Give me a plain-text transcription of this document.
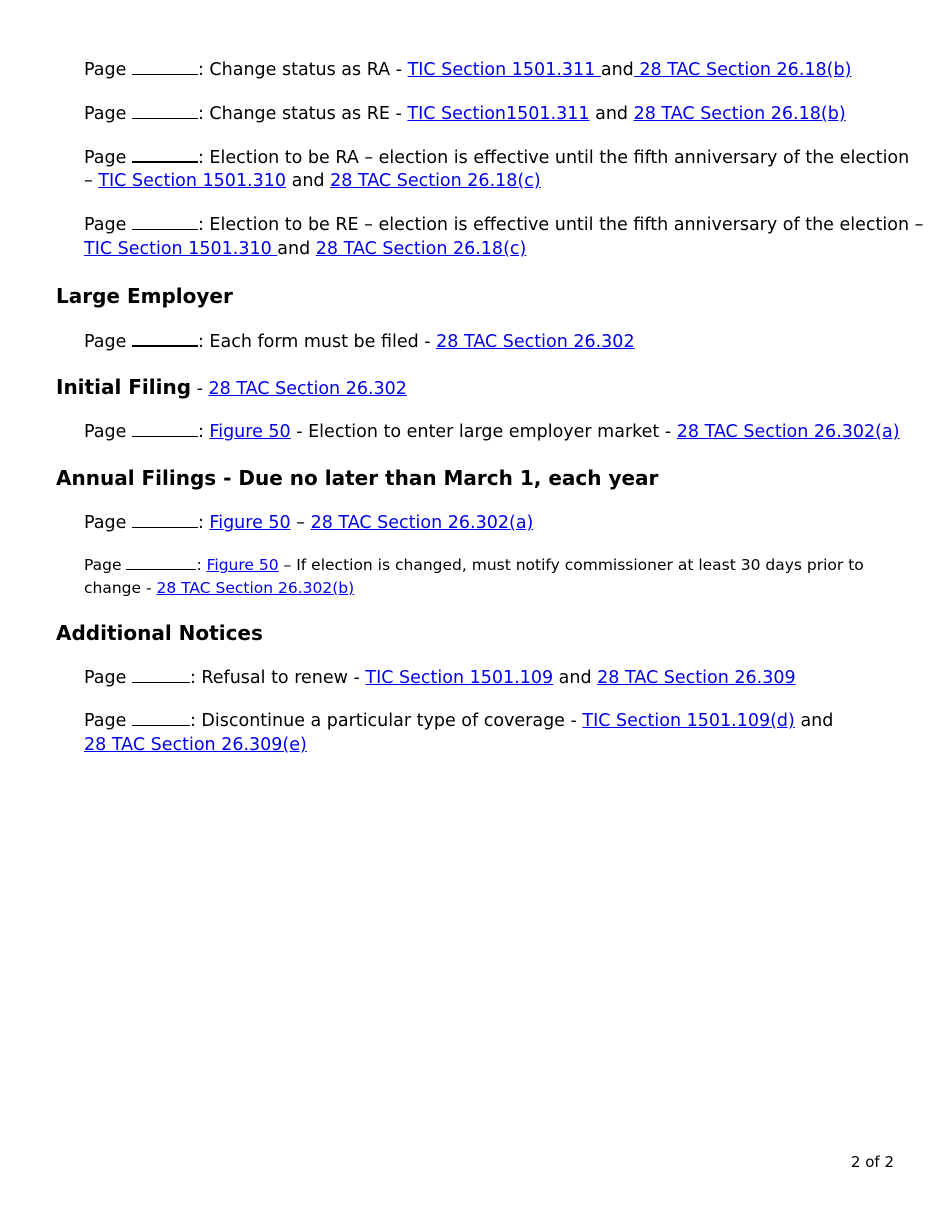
Page	: Change status as RA - TIC Section 1501.311 and 28 TAC Section 26.18(b)
Page	: Change status as RE - TIC Section1501.311 and 28 TAC Section 26.18(b)
Page	: Election to be RA – election is effective until the fifth anniversary of the election
– TIC Section 1501.310 and 28 TAC Section 26.18(c)
Page	: Election to be RE – election is effective until the fifth anniversary of the election –
TIC Section 1501.310 and 28 TAC Section 26.18(c)
Large Employer
Page	: Each form must be filed - 28 TAC Section 26.302
Initial Filing - 28 TAC Section 26.302
Page	: Figure 50 - Election to enter large employer market - 28 TAC Section 26.302(a)
Annual Filings - Due no later than March 1, each year
Page	: Figure 50 – 28 TAC Section 26.302(a)
Page	: Figure 50 – If election is changed, must notify commissioner at least 30 days prior to
change - 28 TAC Section 26.302(b)
Additional Notices
Page	: Refusal to renew - TIC Section 1501.109 and 28 TAC Section 26.309
Page	: Discontinue a particular type of coverage - TIC Section 1501.109(d) and
28 TAC Section 26.309(e)
2 of 2
